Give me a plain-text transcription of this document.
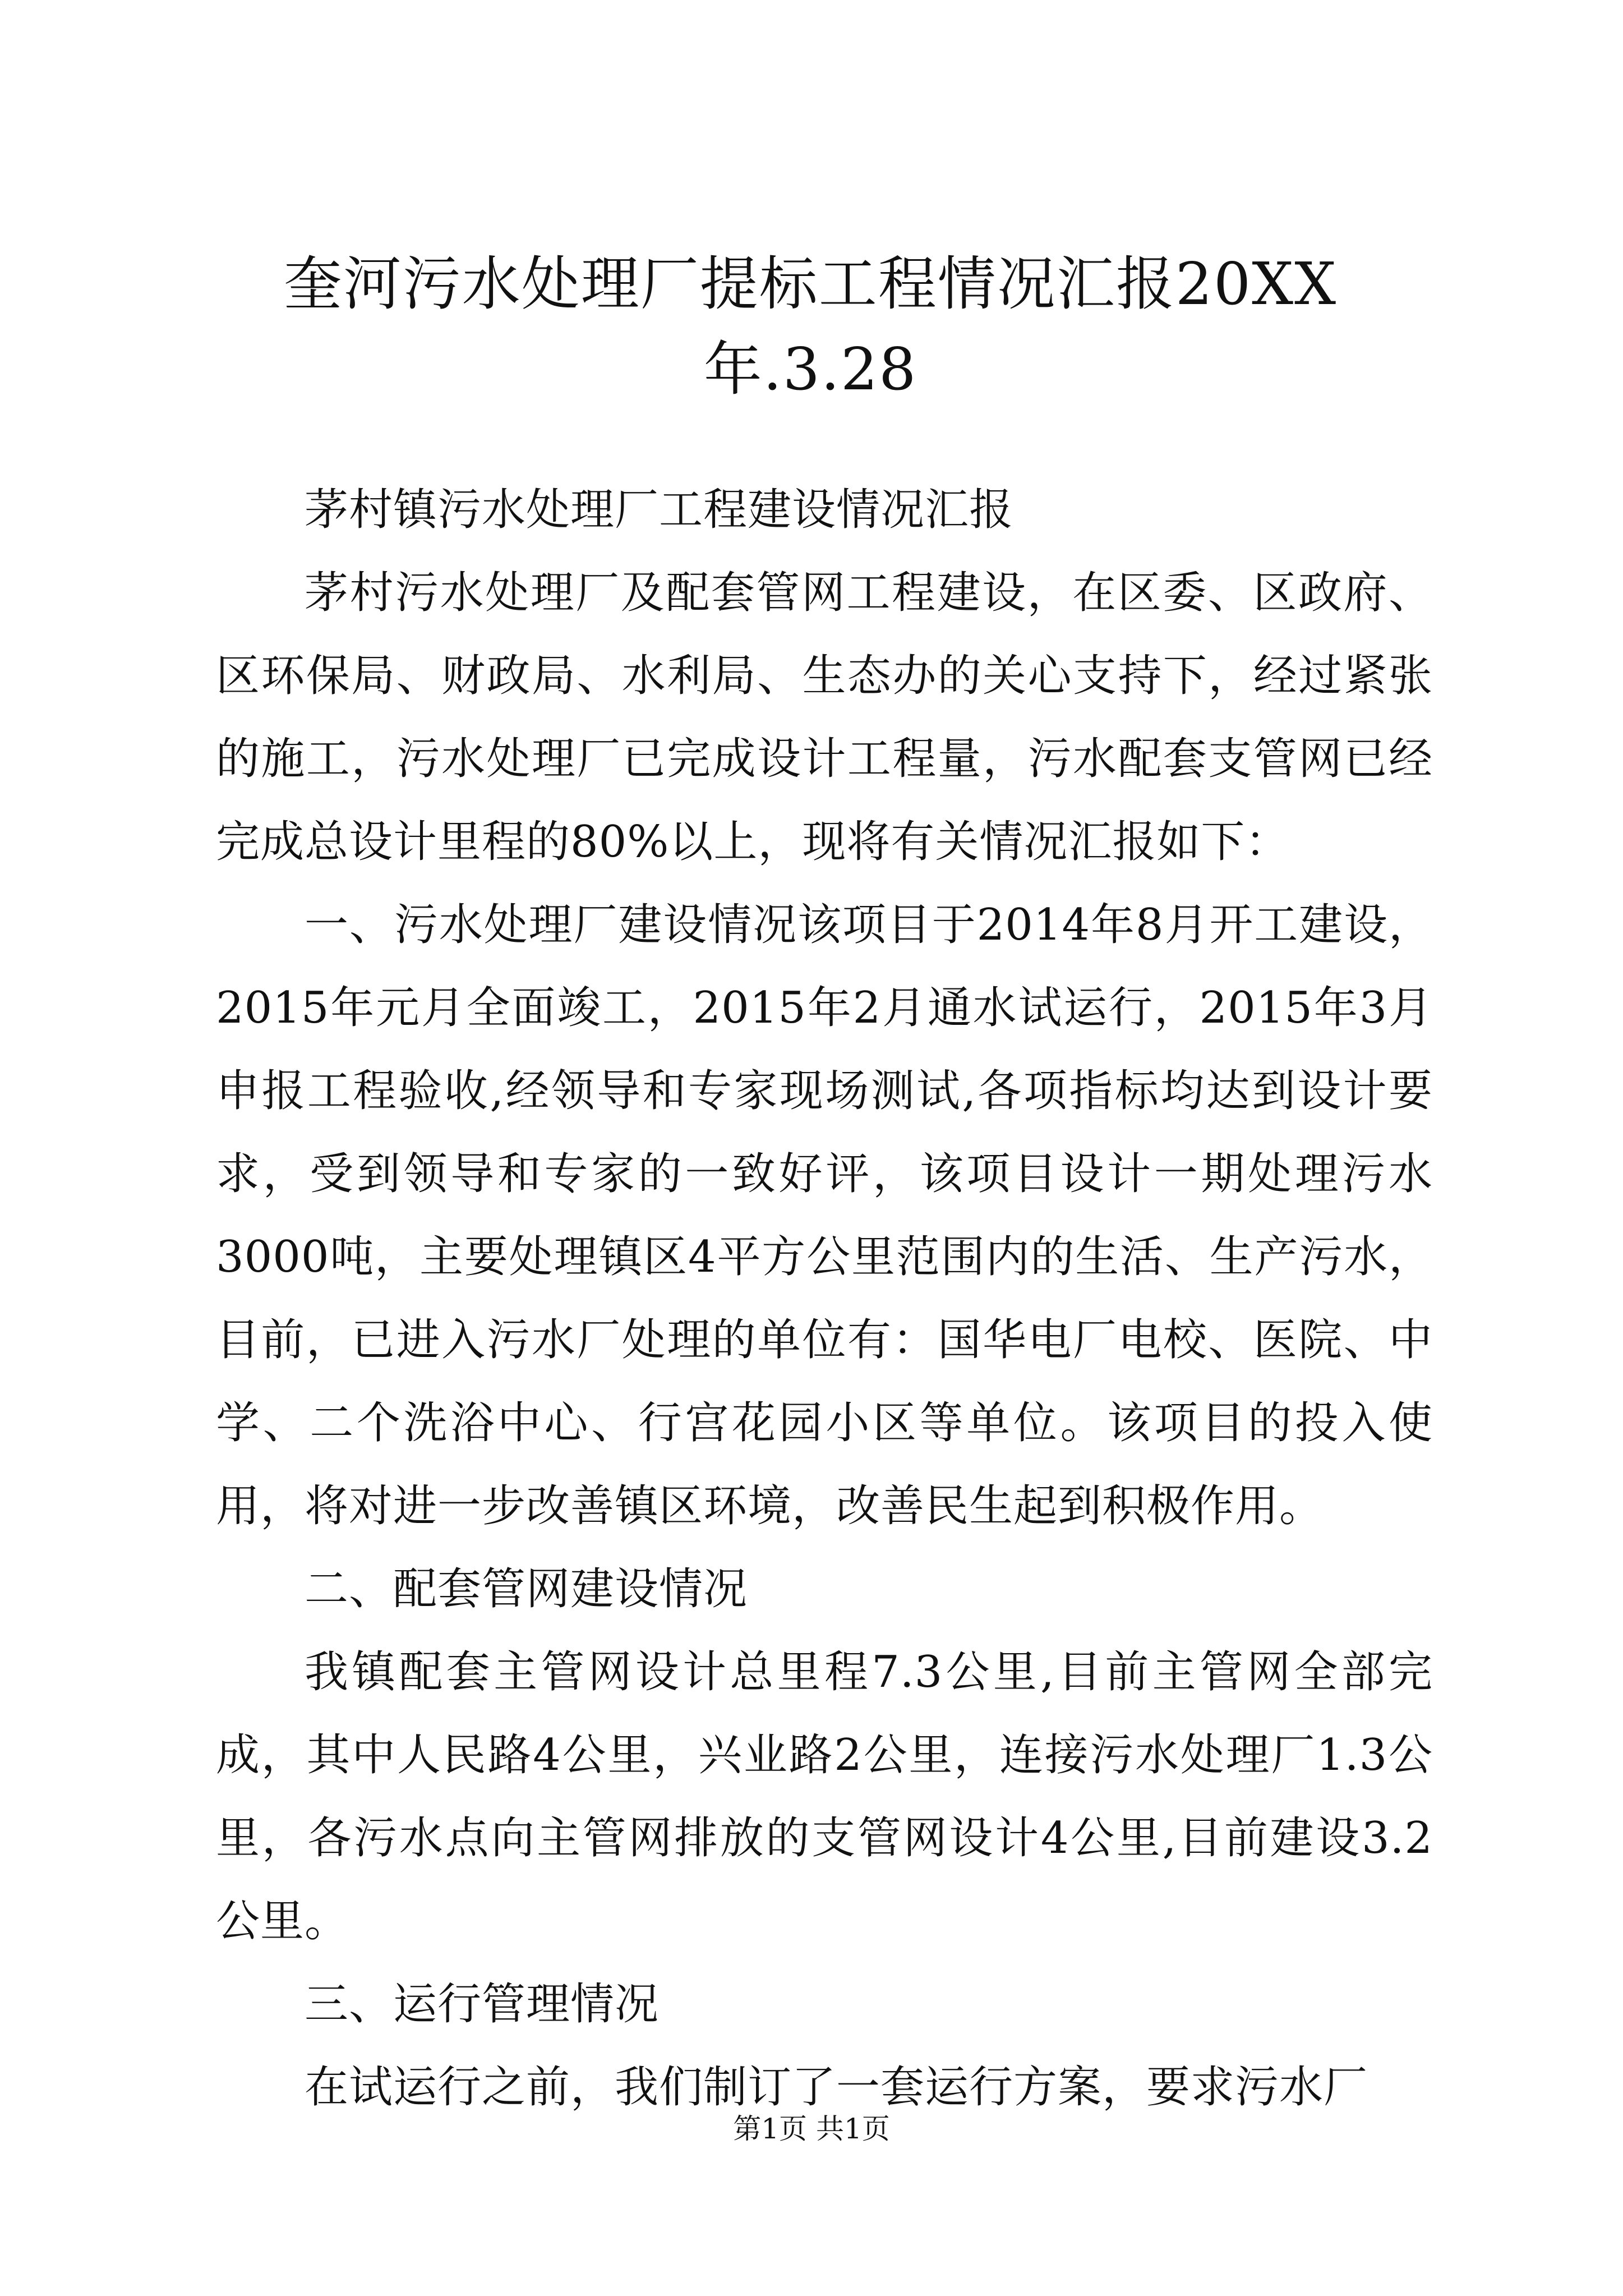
奎河污水处理厂提标工程情况汇报20XX
年.3.28

茅村镇污水处理厂工程建设情况汇报

茅村污水处理厂及配套管网工程建设，在区委、区政府、区环保局、财政局、水利局、生态办的关心支持下，经过紧张的施工，污水处理厂已完成设计工程量，污水配套支管网已经完成总设计里程的80%以上，现将有关情况汇报如下：

一、污水处理厂建设情况该项目于2014年8月开工建设，2015年元月全面竣工，2015年2月通水试运行，2015年3月申报工程验收,经领导和专家现场测试,各项指标均达到设计要求，受到领导和专家的一致好评，该项目设计一期处理污水3000吨，主要处理镇区4平方公里范围内的生活、生产污水，目前，已进入污水厂处理的单位有：国华电厂电校、医院、中学、二个洗浴中心、行宫花园小区等单位。该项目的投入使用，将对进一步改善镇区环境，改善民生起到积极作用。

二、配套管网建设情况

我镇配套主管网设计总里程7.3公里,目前主管网全部完成，其中人民路4公里，兴业路2公里，连接污水处理厂1.3公里，各污水点向主管网排放的支管网设计4公里,目前建设3.2公里。

三、运行管理情况

在试运行之前，我们制订了一套运行方案，要求污水厂

第1页 共1页
